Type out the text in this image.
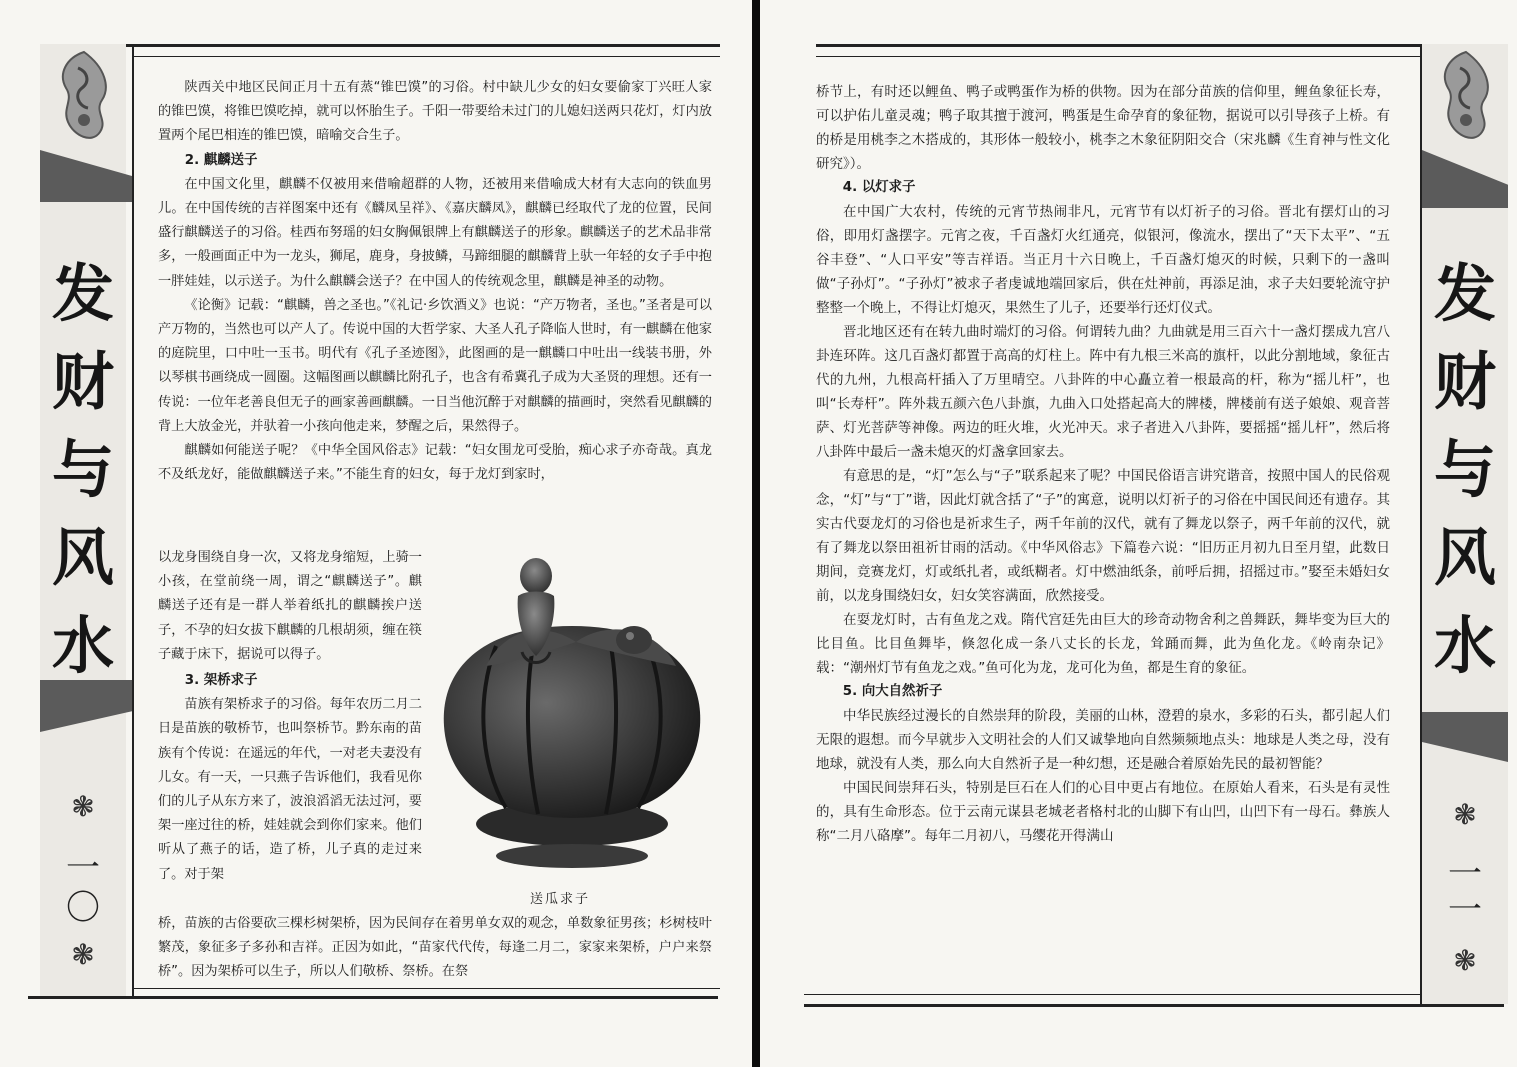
发
财
与
风
水
❃
一
〇
❃

陕西关中地区民间正月十五有蒸“锥巴馍”的习俗。村中缺儿少女的妇女要偷家丁兴旺人家的锥巴馍，将锥巴馍吃掉，就可以怀胎生子。千阳一带要给未过门的儿媳妇送两只花灯，灯内放置两个尾巴相连的锥巴馍，暗喻交合生子。

2. 麒麟送子

在中国文化里，麒麟不仅被用来借喻超群的人物，还被用来借喻成大材有大志向的铁血男儿。在中国传统的吉祥图案中还有《麟凤呈祥》、《嘉庆麟凤》，麒麟已经取代了龙的位置，民间盛行麒麟送子的习俗。桂西布努瑶的妇女胸佩银牌上有麒麟送子的形象。麒麟送子的艺术品非常多，一般画面正中为一龙头，狮尾，鹿身，身披鳞，马蹄细腿的麒麟背上驮一年轻的女子手中抱一胖娃娃，以示送子。为什么麒麟会送子？在中国人的传统观念里，麒麟是神圣的动物。

《论衡》记载：“麒麟，兽之圣也。”《礼记·乡饮酒义》也说：“产万物者，圣也。”圣者是可以产万物的，当然也可以产人了。传说中国的大哲学家、大圣人孔子降临人世时，有一麒麟在他家的庭院里，口中吐一玉书。明代有《孔子圣迹图》，此图画的是一麒麟口中吐出一线装书册，外以琴棋书画绕成一圆圈。这幅图画以麒麟比附孔子，也含有希冀孔子成为大圣贤的理想。还有一传说：一位年老善良但无子的画家善画麒麟。一日当他沉醉于对麒麟的描画时，突然看见麒麟的背上大放金光，并驮着一小孩向他走来，梦醒之后，果然得子。

麒麟如何能送子呢？《中华全国风俗志》记载：“妇女围龙可受胎，痴心求子亦奇哉。真龙不及纸龙好，能做麒麟送子来。”不能生育的妇女，每于龙灯到家时，

以龙身围绕自身一次，又将龙身缩短，上骑一小孩，在堂前绕一周，谓之“麒麟送子”。麒麟送子还有是一群人举着纸扎的麒麟挨户送子，不孕的妇女拔下麒麟的几根胡须，缠在筷子藏于床下，据说可以得子。

3. 架桥求子

苗族有架桥求子的习俗。每年农历二月二日是苗族的敬桥节，也叫祭桥节。黔东南的苗族有个传说：在遥远的年代，一对老夫妻没有儿女。有一天，一只燕子告诉他们，我看见你们的儿子从东方来了，波浪滔滔无法过河，要架一座过往的桥，娃娃就会到你们家来。他们听从了燕子的话，造了桥，儿子真的走过来了。对于架

桥，苗族的古俗要砍三棵杉树架桥，因为民间存在着男单女双的观念，单数象征男孩；杉树枝叶繁茂，象征多子多孙和吉祥。正因为如此，“苗家代代传，每逢二月二，家家来架桥，户户来祭桥”。因为架桥可以生子，所以人们敬桥、祭桥。在祭

送瓜求子
发
财
与
风
水
❃
一
一
❃

桥节上，有时还以鲤鱼、鸭子或鸭蛋作为桥的供物。因为在部分苗族的信仰里，鲤鱼象征长寿，可以护佑儿童灵魂；鸭子取其擅于渡河，鸭蛋是生命孕育的象征物，据说可以引导孩子上桥。有的桥是用桃李之木搭成的，其形体一般较小，桃李之木象征阴阳交合（宋兆麟《生育神与性文化研究》）。

4. 以灯求子

在中国广大农村，传统的元宵节热闹非凡，元宵节有以灯祈子的习俗。晋北有摆灯山的习俗，即用灯盏摆字。元宵之夜，千百盏灯火红通亮，似银河，像流水，摆出了“天下太平”、“五谷丰登”、“人口平安”等吉祥语。当正月十六日晚上，千百盏灯熄灭的时候，只剩下的一盏叫做“子孙灯”。“子孙灯”被求子者虔诚地端回家后，供在灶神前，再添足油，求子夫妇要轮流守护整整一个晚上，不得让灯熄灭，果然生了儿子，还要举行还灯仪式。

晋北地区还有在转九曲时端灯的习俗。何谓转九曲？九曲就是用三百六十一盏灯摆成九宫八卦连环阵。这几百盏灯都置于高高的灯柱上。阵中有九根三米高的旗杆，以此分割地域，象征古代的九州，九根高杆插入了万里晴空。八卦阵的中心矗立着一根最高的杆，称为“摇儿杆”，也叫“长寿杆”。阵外栽五颜六色八卦旗，九曲入口处搭起高大的牌楼，牌楼前有送子娘娘、观音菩萨、灯光菩萨等神像。两边的旺火堆，火光冲天。求子者进入八卦阵，要摇摇“摇儿杆”，然后将八卦阵中最后一盏未熄灭的灯盏拿回家去。

有意思的是，“灯”怎么与“子”联系起来了呢？中国民俗语言讲究谐音，按照中国人的民俗观念，“灯”与“丁”谐，因此灯就含括了“子”的寓意，说明以灯祈子的习俗在中国民间还有遗存。其实古代耍龙灯的习俗也是祈求生子，两千年前的汉代，就有了舞龙以祭子，两千年前的汉代，就有了舞龙以祭田祖祈甘雨的活动。《中华风俗志》下篇卷六说：“旧历正月初九日至月望，此数日期间，竞赛龙灯，灯或纸扎者，或纸糊者。灯中燃油纸条，前呼后拥，招摇过市。”娶至未婚妇女前，以龙身围绕妇女，妇女笑容满面，欣然接受。

在耍龙灯时，古有鱼龙之戏。隋代宫廷先由巨大的珍奇动物舍利之兽舞跃，舞毕变为巨大的比目鱼。比目鱼舞毕，倏忽化成一条八丈长的长龙，耸踊而舞，此为鱼化龙。《岭南杂记》载：“潮州灯节有鱼龙之戏。”鱼可化为龙，龙可化为鱼，都是生育的象征。

5. 向大自然祈子

中华民族经过漫长的自然崇拜的阶段，美丽的山林，澄碧的泉水，多彩的石头，都引起人们无限的遐想。而今早就步入文明社会的人们又诚挚地向自然频频地点头：地球是人类之母，没有地球，就没有人类，那么向大自然祈子是一种幻想，还是融合着原始先民的最初智能？

中国民间崇拜石头，特别是巨石在人们的心目中更占有地位。在原始人看来，石头是有灵性的，具有生命形态。位于云南元谋县老城老者格村北的山脚下有山凹，山凹下有一母石。彝族人称“二月八硌摩”。每年二月初八，马缨花开得满山
